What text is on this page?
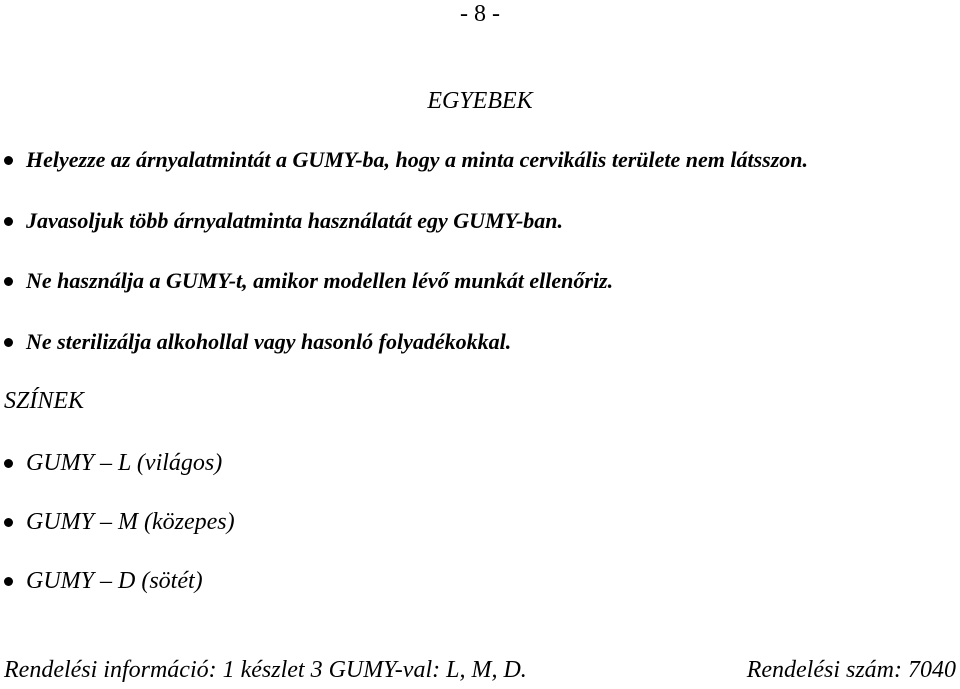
- 8 -
EGYEBEK
Helyezze az árnyalatmintát a GUMY-ba, hogy a minta cervikális területe nem látsszon.
Javasoljuk több árnyalatminta használatát egy GUMY-ban.
Ne használja a GUMY-t, amikor modellen lévő munkát ellenőriz.
Ne sterilizálja alkohollal vagy hasonló folyadékokkal.
SZÍNEK
GUMY – L (világos)
GUMY – M (közepes)
GUMY – D (sötét)
Rendelési információ: 1 készlet 3 GUMY-val: L, M, D.	Rendelési szám: 7040
